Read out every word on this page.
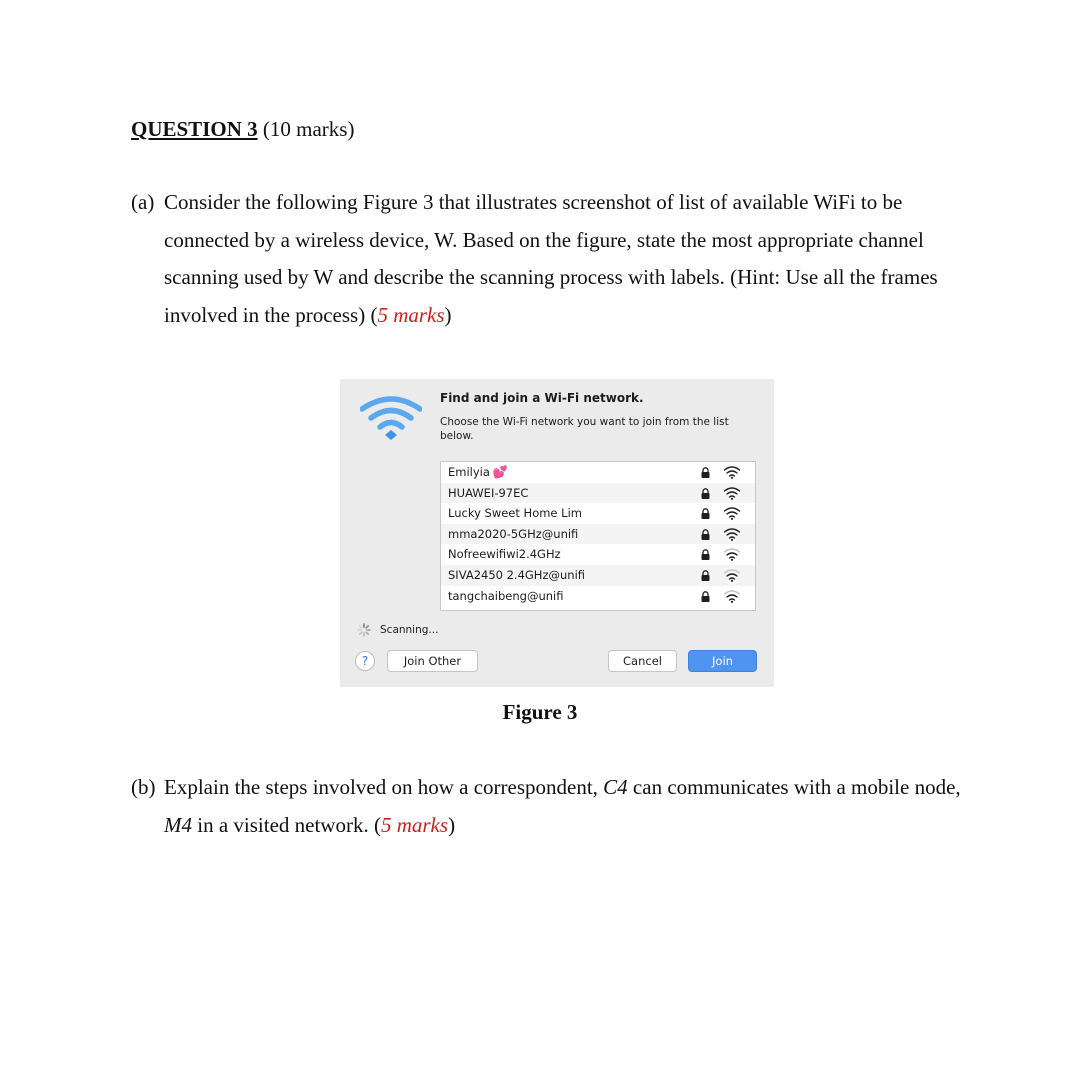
QUESTION 3 (10 marks)
(a) Consider the following Figure 3 that illustrates screenshot of list of available WiFi to be connected by a wireless device, W. Based on the figure, state the most appropriate channel scanning used by W and describe the scanning process with labels. (Hint: Use all the frames involved in the process) (5 marks)
Find and join a Wi-Fi network.
Choose the Wi-Fi network you want to join from the list below.
Emilyia 💕
HUAWEI-97EC
Lucky Sweet Home Lim
mma2020-5GHz@unifi
Nofreewifiwi2.4GHz
SIVA2450 2.4GHz@unifi
tangchaibeng@unifi
Scanning...
?	Join Other	Cancel	Join
Figure 3
(b) Explain the steps involved on how a correspondent, C4 can communicates with a mobile node, M4 in a visited network. (5 marks)
